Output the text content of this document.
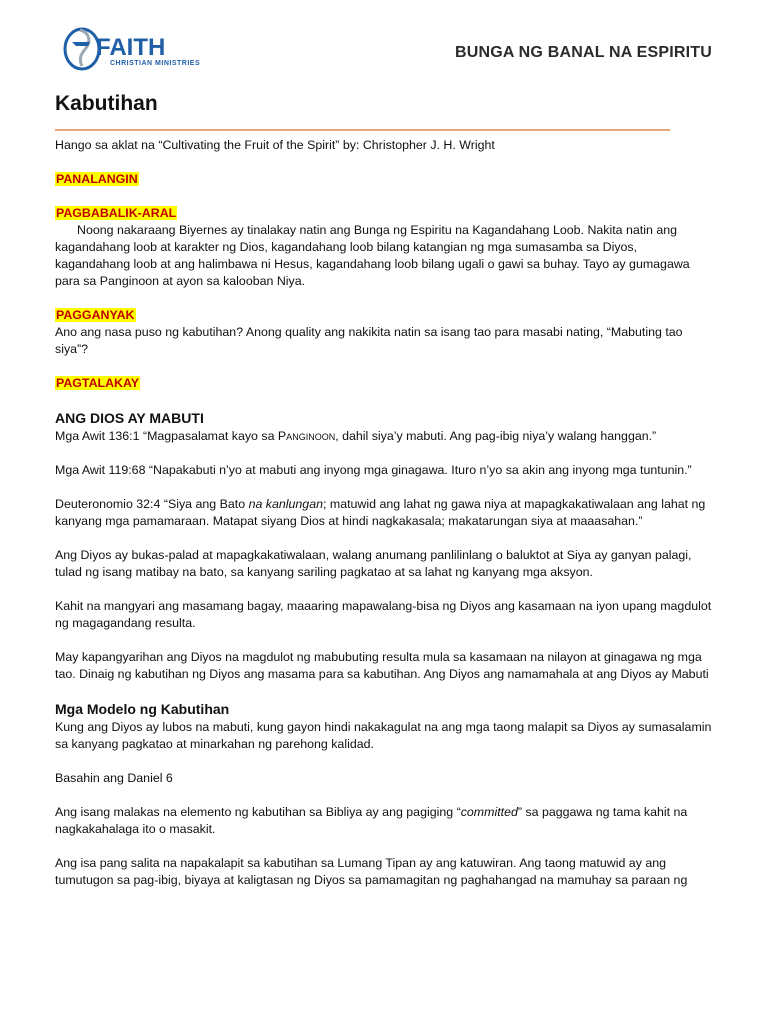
FAITH
CHRISTIAN MINISTRIES
BUNGA NG BANAL NA ESPIRITU
Kabutihan

Hango sa aklat na “Cultivating the Fruit of the Spirit” by: Christopher J. H. Wright

PANALANGIN

PAGBABALIK-ARAL

Noong nakaraang Biyernes ay tinalakay natin ang Bunga ng Espiritu na Kagandahang Loob. Nakita natin ang kagandahang loob at karakter ng Dios, kagandahang loob bilang katangian ng mga sumasamba sa Diyos, kagandahang loob at ang halimbawa ni Hesus, kagandahang loob bilang ugali o gawi sa buhay. Tayo ay gumagawa para sa Panginoon at ayon sa kalooban Niya.

PAGGANYAK

Ano ang nasa puso ng kabutihan? Anong quality ang nakikita natin sa isang tao para masabi nating, “Mabuting tao siya”?

PAGTALAKAY

ANG DIOS AY MABUTI

Mga Awit 136:1 “Magpasalamat kayo sa Panginoon, dahil siya’y mabuti. Ang pag-ibig niya’y walang hanggan.”

Mga Awit 119:68 “Napakabuti n’yo at mabuti ang inyong mga ginagawa. Ituro n’yo sa akin ang inyong mga tuntunin.”

Deuteronomio 32:4 “Siya ang Bato na kanlungan; matuwid ang lahat ng gawa niya at mapagkakatiwalaan ang lahat ng kanyang mga pamamaraan. Matapat siyang Dios at hindi nagkakasala; makatarungan siya at maaasahan.”

Ang Diyos ay bukas-palad at mapagkakatiwalaan, walang anumang panlilinlang o baluktot at Siya ay ganyan palagi, tulad ng isang matibay na bato, sa kanyang sariling pagkatao at sa lahat ng kanyang mga aksyon.

Kahit na mangyari ang masamang bagay, maaaring mapawalang-bisa ng Diyos ang kasamaan na iyon upang magdulot ng magagandang resulta.

May kapangyarihan ang Diyos na magdulot ng mabubuting resulta mula sa kasamaan na nilayon at ginagawa ng mga tao. Dinaig ng kabutihan ng Diyos ang masama para sa kabutihan. Ang Diyos ang namamahala at ang Diyos ay Mabuti

Mga Modelo ng Kabutihan

Kung ang Diyos ay lubos na mabuti, kung gayon hindi nakakagulat na ang mga taong malapit sa Diyos ay sumasalamin sa kanyang pagkatao at minarkahan ng parehong kalidad.

Basahin ang Daniel 6

Ang isang malakas na elemento ng kabutihan sa Bibliya ay ang pagiging “committed” sa paggawa ng tama kahit na nagkakahalaga ito o masakit.

Ang isa pang salita na napakalapit sa kabutihan sa Lumang Tipan ay ang katuwiran. Ang taong matuwid ay ang tumutugon sa pag-ibig, biyaya at kaligtasan ng Diyos sa pamamagitan ng paghahangad na mamuhay sa paraan ng
